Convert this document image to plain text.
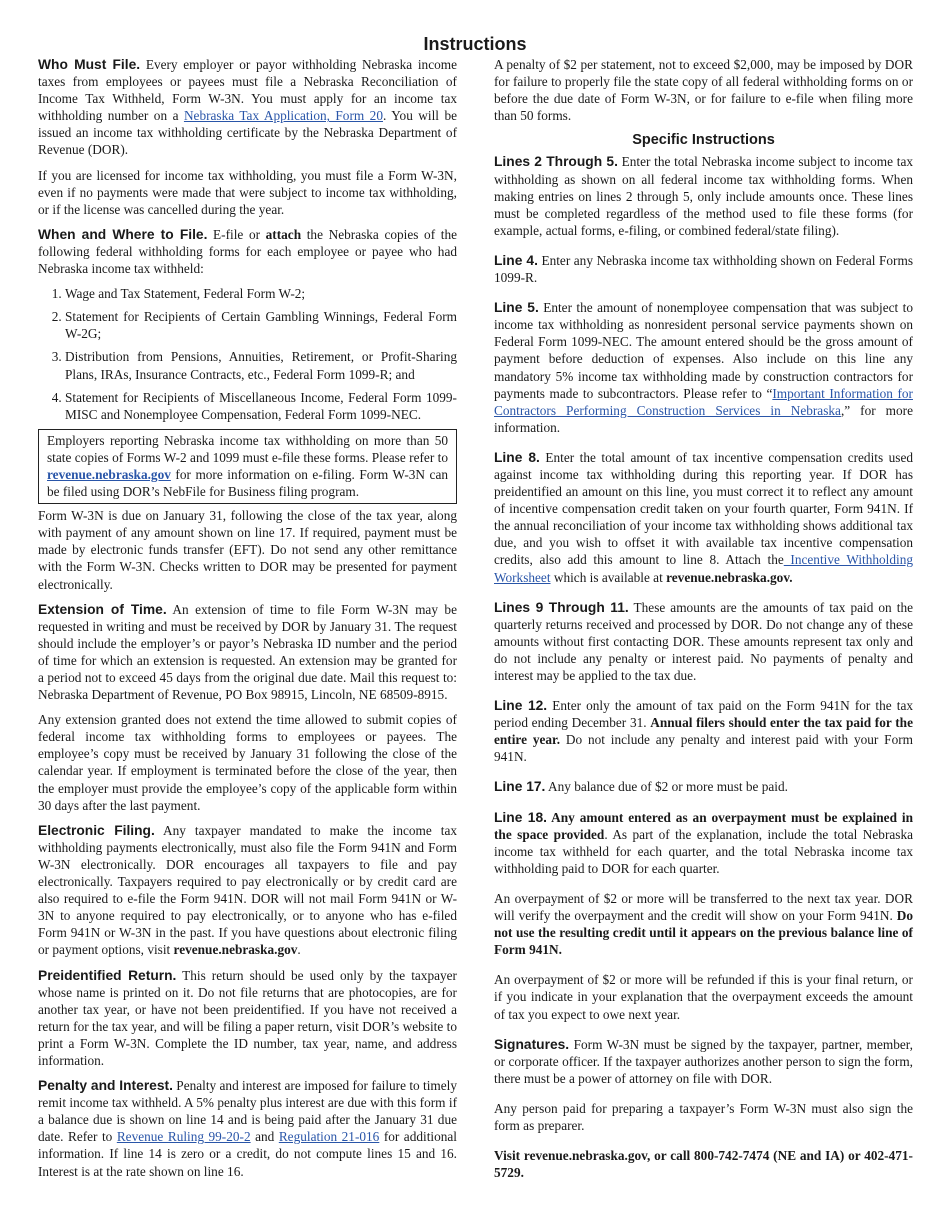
Instructions

Who Must File. Every employer or payor withholding Nebraska income taxes from employees or payees must file a Nebraska Reconciliation of Income Tax Withheld, Form W-3N. You must apply for an income tax withholding number on a Nebraska Tax Application, Form 20. You will be issued an income tax withholding certificate by the Nebraska Department of Revenue (DOR).

If you are licensed for income tax withholding, you must file a Form W-3N, even if no payments were made that were subject to income tax withholding, or if the license was cancelled during the year.

When and Where to File. E-file or attach the Nebraska copies of the following federal withholding forms for each employee or payee who had Nebraska income tax withheld:

1. Wage and Tax Statement, Federal Form W-2;
2. Statement for Recipients of Certain Gambling Winnings, Federal Form W-2G;
3. Distribution from Pensions, Annuities, Retirement, or Profit-Sharing Plans, IRAs, Insurance Contracts, etc., Federal Form 1099-R; and
4. Statement for Recipients of Miscellaneous Income, Federal Form 1099-MISC and Nonemployee Compensation, Federal Form 1099-NEC.
Employers reporting Nebraska income tax withholding on more than 50 state copies of Forms W-2 and 1099 must e-file these forms. Please refer to revenue.nebraska.gov for more information on e-filing. Form W-3N can be filed using DOR’s NebFile for Business filing program.

Form W-3N is due on January 31, following the close of the tax year, along with payment of any amount shown on line 17. If required, payment must be made by electronic funds transfer (EFT). Do not send any other remittance with the Form W-3N. Checks written to DOR may be presented for payment electronically.

Extension of Time. An extension of time to file Form W-3N may be requested in writing and must be received by DOR by January 31. The request should include the employer’s or payor’s Nebraska ID number and the period of time for which an extension is requested. An extension may be granted for a period not to exceed 45 days from the original due date. Mail this request to: Nebraska Department of Revenue, PO Box 98915, Lincoln, NE 68509-8915.

Any extension granted does not extend the time allowed to submit copies of federal income tax withholding forms to employees or payees. The employee’s copy must be received by January 31 following the close of the calendar year. If employment is terminated before the close of the year, then the employer must provide the employee’s copy of the applicable form within 30 days after the last payment.

Electronic Filing. Any taxpayer mandated to make the income tax withholding payments electronically, must also file the Form 941N and Form W-3N electronically. DOR encourages all taxpayers to file and pay electronically. Taxpayers required to pay electronically or by credit card are also required to e-file the Form 941N. DOR will not mail Form 941N or W-3N to anyone required to pay electronically, or to anyone who has e-filed Form 941N or W-3N in the past. If you have questions about electronic filing or payment options, visit revenue.nebraska.gov.

Preidentified Return. This return should be used only by the taxpayer whose name is printed on it. Do not file returns that are photocopies, are for another tax year, or have not been preidentified. If you have not received a return for the tax year, and will be filing a paper return, visit DOR’s website to print a Form W-3N. Complete the ID number, tax year, name, and address information.

Penalty and Interest. Penalty and interest are imposed for failure to timely remit income tax withheld. A 5% penalty plus interest are due with this form if a balance due is shown on line 14 and is being paid after the January 31 due date. Refer to Revenue Ruling 99-20-2 and Regulation 21-016 for additional information. If line 14 is zero or a credit, do not compute lines 15 and 16. Interest is at the rate shown on line 16.

A penalty of $2 per statement, not to exceed $2,000, may be imposed by DOR for failure to properly file the state copy of all federal withholding forms on or before the due date of Form W-3N, or for failure to e-file when filing more than 50 forms.

Specific Instructions

Lines 2 Through 5. Enter the total Nebraska income subject to income tax withholding as shown on all federal income tax withholding forms. When making entries on lines 2 through 5, only include amounts once. These lines must be completed regardless of the method used to file these forms (for example, actual forms, e-filing, or combined federal/state filing).

Line 4. Enter any Nebraska income tax withholding shown on Federal Forms 1099-R.

Line 5. Enter the amount of nonemployee compensation that was subject to income tax withholding as nonresident personal service payments shown on Federal Form 1099-NEC. The amount entered should be the gross amount of payment before deduction of expenses. Also include on this line any mandatory 5% income tax withholding made by construction contractors for payments made to subcontractors. Please refer to “Important Information for Contractors Performing Construction Services in Nebraska,” for more information.

Line 8. Enter the total amount of tax incentive compensation credits used against income tax withholding during this reporting year. If DOR has preidentified an amount on this line, you must correct it to reflect any amount of incentive compensation credit taken on your fourth quarter, Form 941N. If the annual reconciliation of your income tax withholding shows additional tax due, and you wish to offset it with available tax incentive compensation credits, also add this amount to line 8. Attach the Incentive Withholding Worksheet which is available at revenue.nebraska.gov.

Lines 9 Through 11. These amounts are the amounts of tax paid on the quarterly returns received and processed by DOR. Do not change any of these amounts without first contacting DOR. These amounts represent tax only and do not include any penalty or interest paid. No payments of penalty and interest may be applied to the tax due.

Line 12. Enter only the amount of tax paid on the Form 941N for the tax period ending December 31. Annual filers should enter the tax paid for the entire year. Do not include any penalty and interest paid with your Form 941N.

Line 17. Any balance due of $2 or more must be paid.

Line 18. Any amount entered as an overpayment must be explained in the space provided. As part of the explanation, include the total Nebraska income tax withheld for each quarter, and the total Nebraska income tax withholding paid to DOR for each quarter.

An overpayment of $2 or more will be transferred to the next tax year. DOR will verify the overpayment and the credit will show on your Form 941N. Do not use the resulting credit until it appears on the previous balance line of Form 941N.

An overpayment of $2 or more will be refunded if this is your final return, or if you indicate in your explanation that the overpayment exceeds the amount of tax you expect to owe next year.

Signatures. Form W-3N must be signed by the taxpayer, partner, member, or corporate officer. If the taxpayer authorizes another person to sign the form, there must be a power of attorney on file with DOR.

Any person paid for preparing a taxpayer’s Form W-3N must also sign the form as preparer.

Visit revenue.nebraska.gov, or call 800-742-7474 (NE and IA) or 402-471-5729.
